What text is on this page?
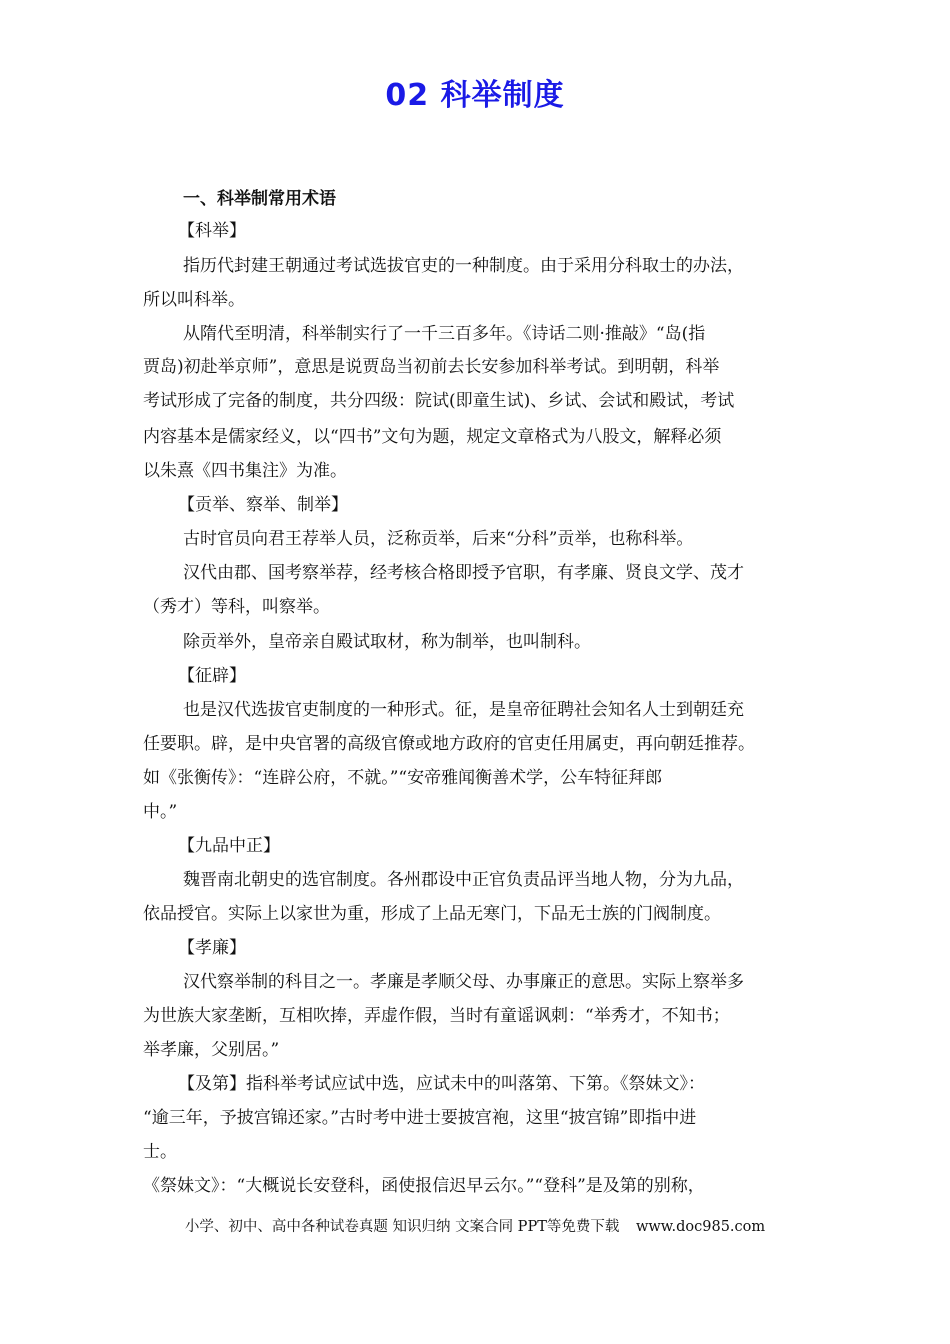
02 科举制度
一、科举制常用术语
【科举】
指历代封建王朝通过考试选拔官吏的一种制度。由于采用分科取士的办法，
所以叫科举。
从隋代至明清，科举制实行了一千三百多年。《诗话二则·推敲》“岛(指
贾岛)初赴举京师”，意思是说贾岛当初前去长安参加科举考试。到明朝，科举
考试形成了完备的制度，共分四级：院试(即童生试)、乡试、会试和殿试，考试
内容基本是儒家经义，以“四书”文句为题，规定文章格式为八股文，解释必须
以朱熹《四书集注》为准。
【贡举、察举、制举】
古时官员向君王荐举人员，泛称贡举，后来“分科”贡举，也称科举。
汉代由郡、国考察举荐，经考核合格即授予官职，有孝廉、贤良文学、茂才
（秀才）等科，叫察举。
除贡举外，皇帝亲自殿试取材，称为制举，也叫制科。
【征辟】
也是汉代选拔官吏制度的一种形式。征，是皇帝征聘社会知名人士到朝廷充
任要职。辟，是中央官署的高级官僚或地方政府的官吏任用属吏，再向朝廷推荐。
如《张衡传》：“连辟公府，不就。”“安帝雅闻衡善术学，公车特征拜郎
中。”
【九品中正】
魏晋南北朝史的选官制度。各州郡设中正官负责品评当地人物，分为九品，
依品授官。实际上以家世为重，形成了上品无寒门，下品无士族的门阀制度。
【孝廉】
汉代察举制的科目之一。孝廉是孝顺父母、办事廉正的意思。实际上察举多
为世族大家垄断，互相吹捧，弄虚作假，当时有童谣讽刺：“举秀才，不知书；
举孝廉，父别居。”
【及第】指科举考试应试中选，应试未中的叫落第、下第。《祭妹文》：
“逾三年，予披宫锦还家。”古时考中进士要披宫袍，这里“披宫锦”即指中进
士。
《祭妹文》：“大概说长安登科，函使报信迟早云尔。”“登科”是及第的别称，
小学、初中、高中各种试卷真题 知识归纳 文案合同 PPT等免费下载 www.doc985.com
